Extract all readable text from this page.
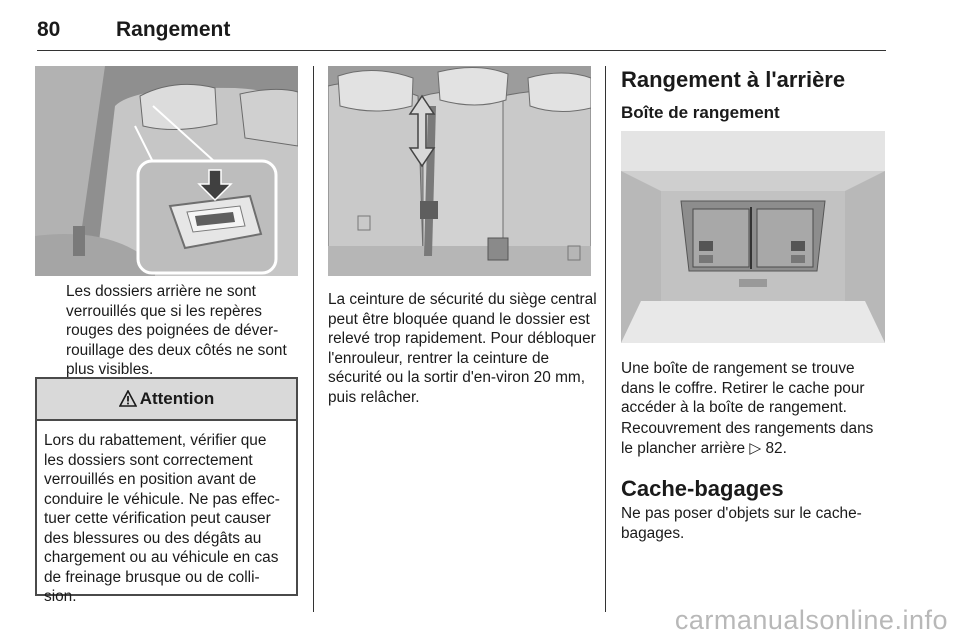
80	Rangement

Les dossiers arrière ne sont verrouillés que si les repères rouges des poignées de déver-rouillage des deux côtés ne sont plus visibles.

Attention
Lors du rabattement, vérifier que les dossiers sont correctement verrouillés en position avant de conduire le véhicule. Ne pas effec-tuer cette vérification peut causer des blessures ou des dégâts au chargement ou au véhicule en cas de freinage brusque ou de colli-sion.

La ceinture de sécurité du siège central peut être bloquée quand le dossier est relevé trop rapidement. Pour débloquer l'enrouleur, rentrer la ceinture de sécurité ou la sortir d'en-viron 20 mm, puis relâcher.

Rangement à l'arrière
Boîte de rangement

Une boîte de rangement se trouve dans le coffre. Retirer le cache pour accéder à la boîte de rangement.

Recouvrement des rangements dans le plancher arrière ▷ 82.

Cache-bagages

Ne pas poser d'objets sur le cache-bagages.

carmanualsonline.info
